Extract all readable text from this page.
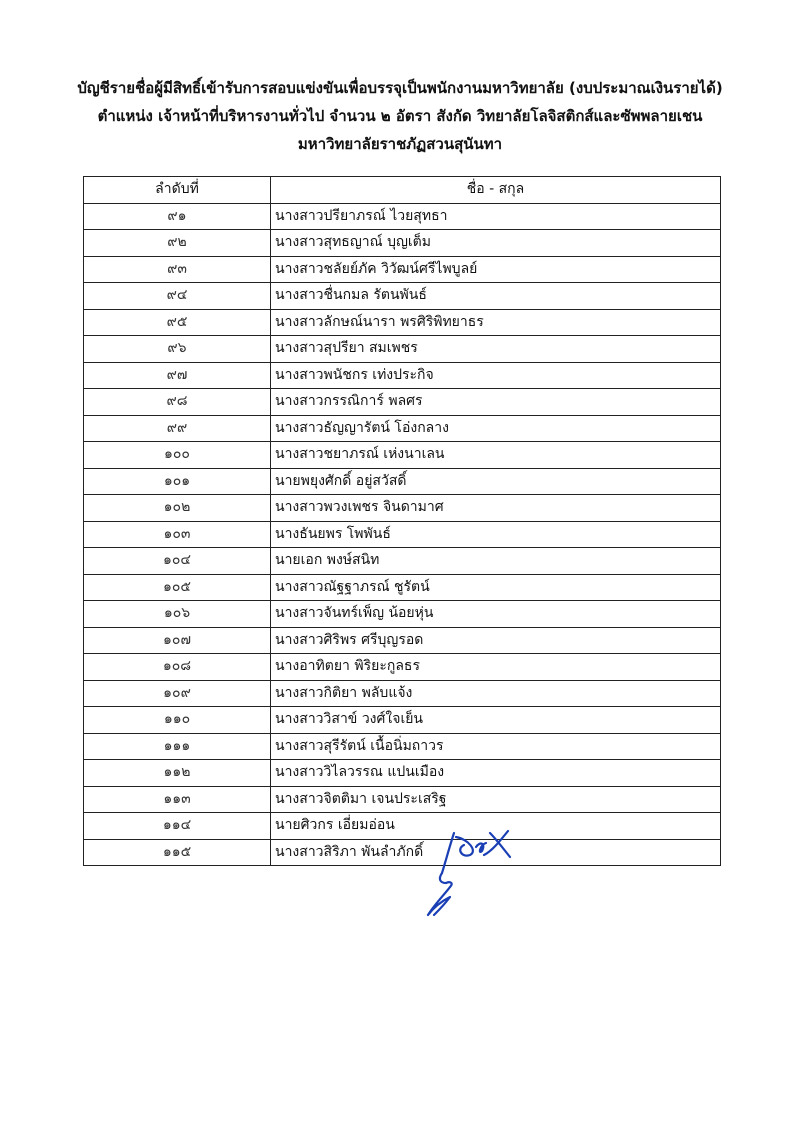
บัญชีรายชื่อผู้มีสิทธิ์เข้ารับการสอบแข่งขันเพื่อบรรจุเป็นพนักงานมหาวิทยาลัย (งบประมาณเงินรายได้)
ตำแหน่ง เจ้าหน้าที่บริหารงานทั่วไป จำนวน ๒ อัตรา สังกัด วิทยาลัยโลจิสติกส์และซัพพลายเชน
มหาวิทยาลัยราชภัฏสวนสุนันทา
ลำดับที่	ชื่อ - สกุล
๙๑	นางสาวปรียาภรณ์ ไวยสุทธา
๙๒	นางสาวสุทธญาณ์ บุญเต็ม
๙๓	นางสาวชลัยย์ภัค วิวัฒน์ศรีไพบูลย์
๙๔	นางสาวชื่นกมล รัตนพันธ์
๙๕	นางสาวลักษณ์นารา พรศิริพิทยาธร
๙๖	นางสาวสุปรียา สมเพชร
๙๗	นางสาวพนัชกร เท่งประกิจ
๙๘	นางสาวกรรณิการ์ พลศร
๙๙	นางสาวธัญญารัตน์ โอ่งกลาง
๑๐๐	นางสาวชยาภรณ์ เห่งนาเลน
๑๐๑	นายพยุงศักดิ์ อยู่สวัสดิ์
๑๐๒	นางสาวพวงเพชร จินดามาศ
๑๐๓	นางธันยพร โพพันธ์
๑๐๔	นายเอก พงษ์สนิท
๑๐๕	นางสาวณัฐฐาภรณ์ ชูรัตน์
๑๐๖	นางสาวจันทร์เพ็ญ น้อยหุ่น
๑๐๗	นางสาวศิริพร ศรีบุญรอด
๑๐๘	นางอาทิตยา พิริยะกูลธร
๑๐๙	นางสาวกิติยา พลับแจ้ง
๑๑๐	นางสาววิสาข์ วงศ์ใจเย็น
๑๑๑	นางสาวสุรีรัตน์ เนื้อนิ่มถาวร
๑๑๒	นางสาววิไลวรรณ แปนเมือง
๑๑๓	นางสาวจิตติมา เจนประเสริฐ
๑๑๔	นายศิวกร เอี่ยมอ่อน
๑๑๕	นางสาวสิริภา พันลำภักดิ์
